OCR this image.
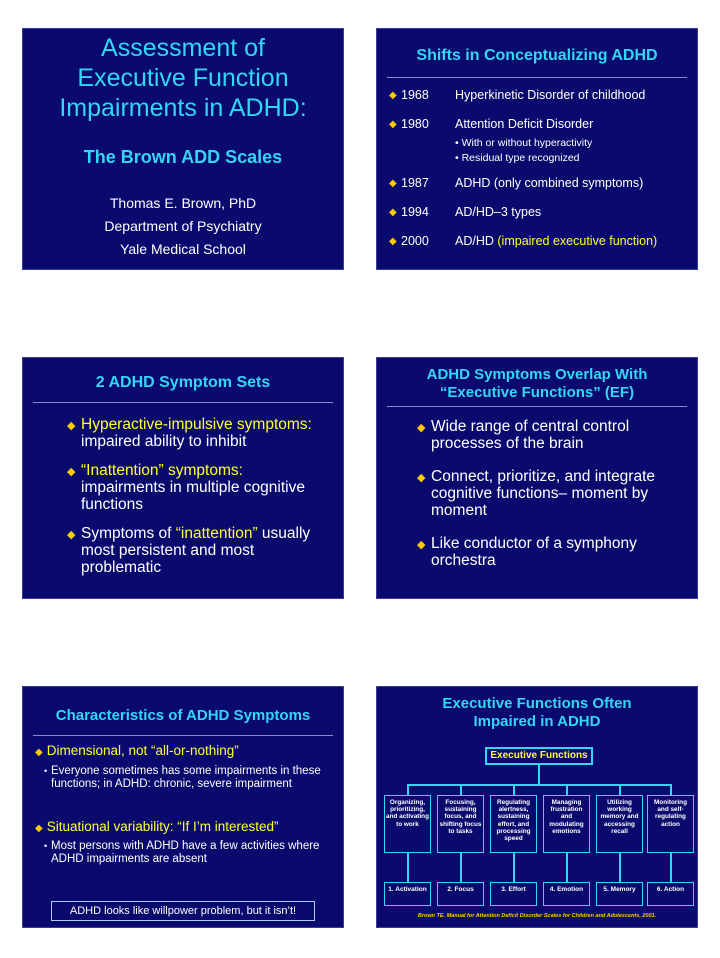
Assessment of
Executive Function
Impairments in ADHD:
The Brown ADD Scales
Thomas E. Brown, PhD
Department of Psychiatry
Yale Medical School
Shifts in Conceptualizing ADHD
◆ 1968 Hyperkinetic Disorder of childhood
◆ 1980 Attention Deficit Disorder
• With or without hyperactivity
• Residual type recognized
◆ 1987 ADHD (only combined symptoms)
◆ 1994 AD/HD–3 types
◆ 2000 AD/HD (impaired executive function)
2 ADHD Symptom Sets
◆ Hyperactive-impulsive symptoms: impaired ability to inhibit
◆ “Inattention” symptoms: impairments in multiple cognitive functions
◆ Symptoms of “inattention” usually most persistent and most problematic
ADHD Symptoms Overlap With
“Executive Functions” (EF)
◆ Wide range of central control processes of the brain
◆ Connect, prioritize, and integrate cognitive functions– moment by moment
◆ Like conductor of a symphony orchestra
Characteristics of ADHD Symptoms
◆ Dimensional, not “all-or-nothing”
• Everyone sometimes has some impairments in these functions; in ADHD: chronic, severe impairment
◆ Situational variability: “If I’m interested”
• Most persons with ADHD have a few activities where ADHD impairments are absent
ADHD looks like willpower problem, but it isn’t!
Executive Functions Often
Impaired in ADHD
Executive Functions
Organizing, prioritizing, and activating to work
Focusing, sustaining focus, and shifting focus to tasks
Regulating alertness, sustaining effort, and processing speed
Managing frustration and modulating emotions
Utilizing working memory and accessing recall
Monitoring and self-regulating action
1. Activation	2. Focus	3. Effort	4. Emotion	5. Memory	6. Action
Brown TE. Manual for Attention Deficit Disorder Scales for Children and Adolescents, 2001.
